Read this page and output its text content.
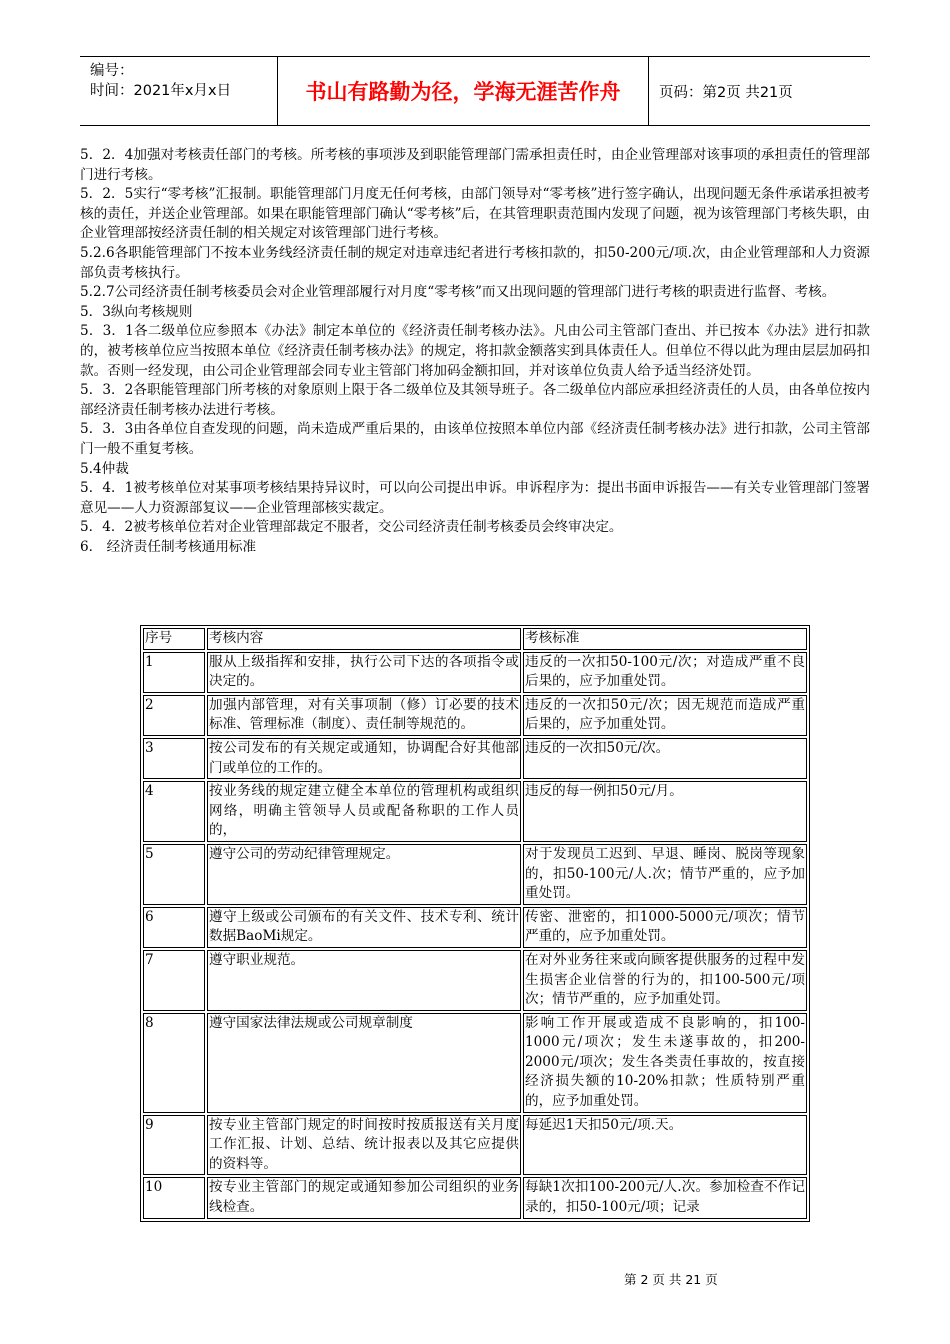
编号：
时间：2021年x月x日	书山有路勤为径，学海无涯苦作舟	页码：第2页 共21页

5．2．4加强对考核责任部门的考核。所考核的事项涉及到职能管理部门需承担责任时，由企业管理部对该事项的承担责任的管理部门进行考核。

5．2．5实行“零考核”汇报制。职能管理部门月度无任何考核，由部门领导对“零考核”进行签字确认，出现问题无条件承诺承担被考核的责任，并送企业管理部。如果在职能管理部门确认“零考核”后，在其管理职责范围内发现了问题，视为该管理部门考核失职，由企业管理部按经济责任制的相关规定对该管理部门进行考核。

5.2.6各职能管理部门不按本业务线经济责任制的规定对违章违纪者进行考核扣款的，扣50-200元/项.次，由企业管理部和人力资源部负责考核执行。

5.2.7公司经济责任制考核委员会对企业管理部履行对月度“零考核”而又出现问题的管理部门进行考核的职责进行监督、考核。

5．3纵向考核规则

5．3．1各二级单位应参照本《办法》制定本单位的《经济责任制考核办法》。凡由公司主管部门查出、并已按本《办法》进行扣款的，被考核单位应当按照本单位《经济责任制考核办法》的规定，将扣款金额落实到具体责任人。但单位不得以此为理由层层加码扣款。否则一经发现，由公司企业管理部会同专业主管部门将加码金额扣回，并对该单位负责人给予适当经济处罚。

5．3．2各职能管理部门所考核的对象原则上限于各二级单位及其领导班子。各二级单位内部应承担经济责任的人员，由各单位按内部经济责任制考核办法进行考核。

5．3．3由各单位自查发现的问题，尚未造成严重后果的，由该单位按照本单位内部《经济责任制考核办法》进行扣款，公司主管部门一般不重复考核。

5.4仲裁

5．4．1被考核单位对某事项考核结果持异议时，可以向公司提出申诉。申诉程序为：提出书面申诉报告——有关专业管理部门签署意见——人力资源部复议——企业管理部核实裁定。

5．4．2被考核单位若对企业管理部裁定不服者，交公司经济责任制考核委员会终审决定。

6． 经济责任制考核通用标准

序号	考核内容	考核标准
1	服从上级指挥和安排，执行公司下达的各项指令或决定的。	违反的一次扣50-100元/次；对造成严重不良后果的，应予加重处罚。
2	加强内部管理，对有关事项制（修）订必要的技术标准、管理标准（制度）、责任制等规范的。	违反的一次扣50元/次；因无规范而造成严重后果的，应予加重处罚。
3	按公司发布的有关规定或通知，协调配合好其他部门或单位的工作的。	违反的一次扣50元/次。
4	按业务线的规定建立健全本单位的管理机构或组织网络，明确主管领导人员或配备称职的工作人员的，	违反的每一例扣50元/月。
5	遵守公司的劳动纪律管理规定。	对于发现员工迟到、早退、睡岗、脱岗等现象的，扣50-100元/人.次；情节严重的，应予加重处罚。
6	遵守上级或公司颁布的有关文件、技术专利、统计数据BaoMi规定。	传密、泄密的，扣1000-5000元/项次；情节严重的，应予加重处罚。
7	遵守职业规范。	在对外业务往来或向顾客提供服务的过程中发生损害企业信誉的行为的，扣100-500元/项次；情节严重的，应予加重处罚。
8	遵守国家法律法规或公司规章制度	影响工作开展或造成不良影响的，扣100-1000元/项次；发生未遂事故的，扣200-2000元/项次；发生各类责任事故的，按直接经济损失额的10-20%扣款；性质特别严重的，应予加重处罚。
9	按专业主管部门规定的时间按时按质报送有关月度工作汇报、计划、总结、统计报表以及其它应提供的资料等。	每延迟1天扣50元/项.天。
10	按专业主管部门的规定或通知参加公司组织的业务线检查。	每缺1次扣100-200元/人.次。参加检查不作记录的，扣50-100元/项；记录
第 2 页 共 21 页
